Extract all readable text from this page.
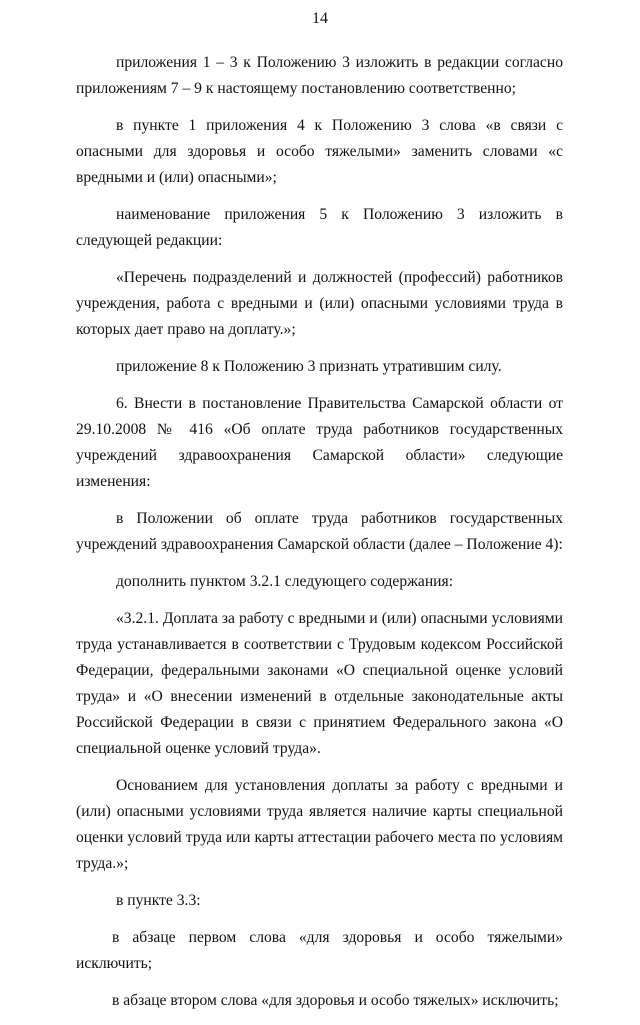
14

приложения 1 – 3 к Положению 3 изложить в редакции согласно приложениям 7 – 9 к настоящему постановлению соответственно;

в пункте 1 приложения 4 к Положению 3 слова «в связи с опасными для здоровья и особо тяжелыми» заменить словами «с вредными и (или) опасными»;

наименование приложения 5 к Положению 3 изложить в следующей редакции:

«Перечень подразделений и должностей (профессий) работников учреждения, работа с вредными и (или) опасными условиями труда в которых дает право на доплату.»;

приложение 8 к Положению 3 признать утратившим силу.

6. Внести в постановление Правительства Самарской области от 29.10.2008 № 416 «Об оплате труда работников государственных учреждений здравоохранения Самарской области» следующие изменения:

в Положении об оплате труда работников государственных учреждений здравоохранения Самарской области (далее – Положение 4):

дополнить пунктом 3.2.1 следующего содержания:

«3.2.1. Доплата за работу с вредными и (или) опасными условиями труда устанавливается в соответствии с Трудовым кодексом Российской Федерации, федеральными законами «О специальной оценке условий труда» и «О внесении изменений в отдельные законодательные акты Российской Федерации в связи с принятием Федерального закона «О специальной оценке условий труда».

Основанием для установления доплаты за работу с вредными и (или) опасными условиями труда является наличие карты специальной оценки условий труда или карты аттестации рабочего места по условиям труда.»;

в пункте 3.3:

в абзаце первом слова «для здоровья и особо тяжелыми» исключить;

в абзаце втором слова «для здоровья и особо тяжелых» исключить;
